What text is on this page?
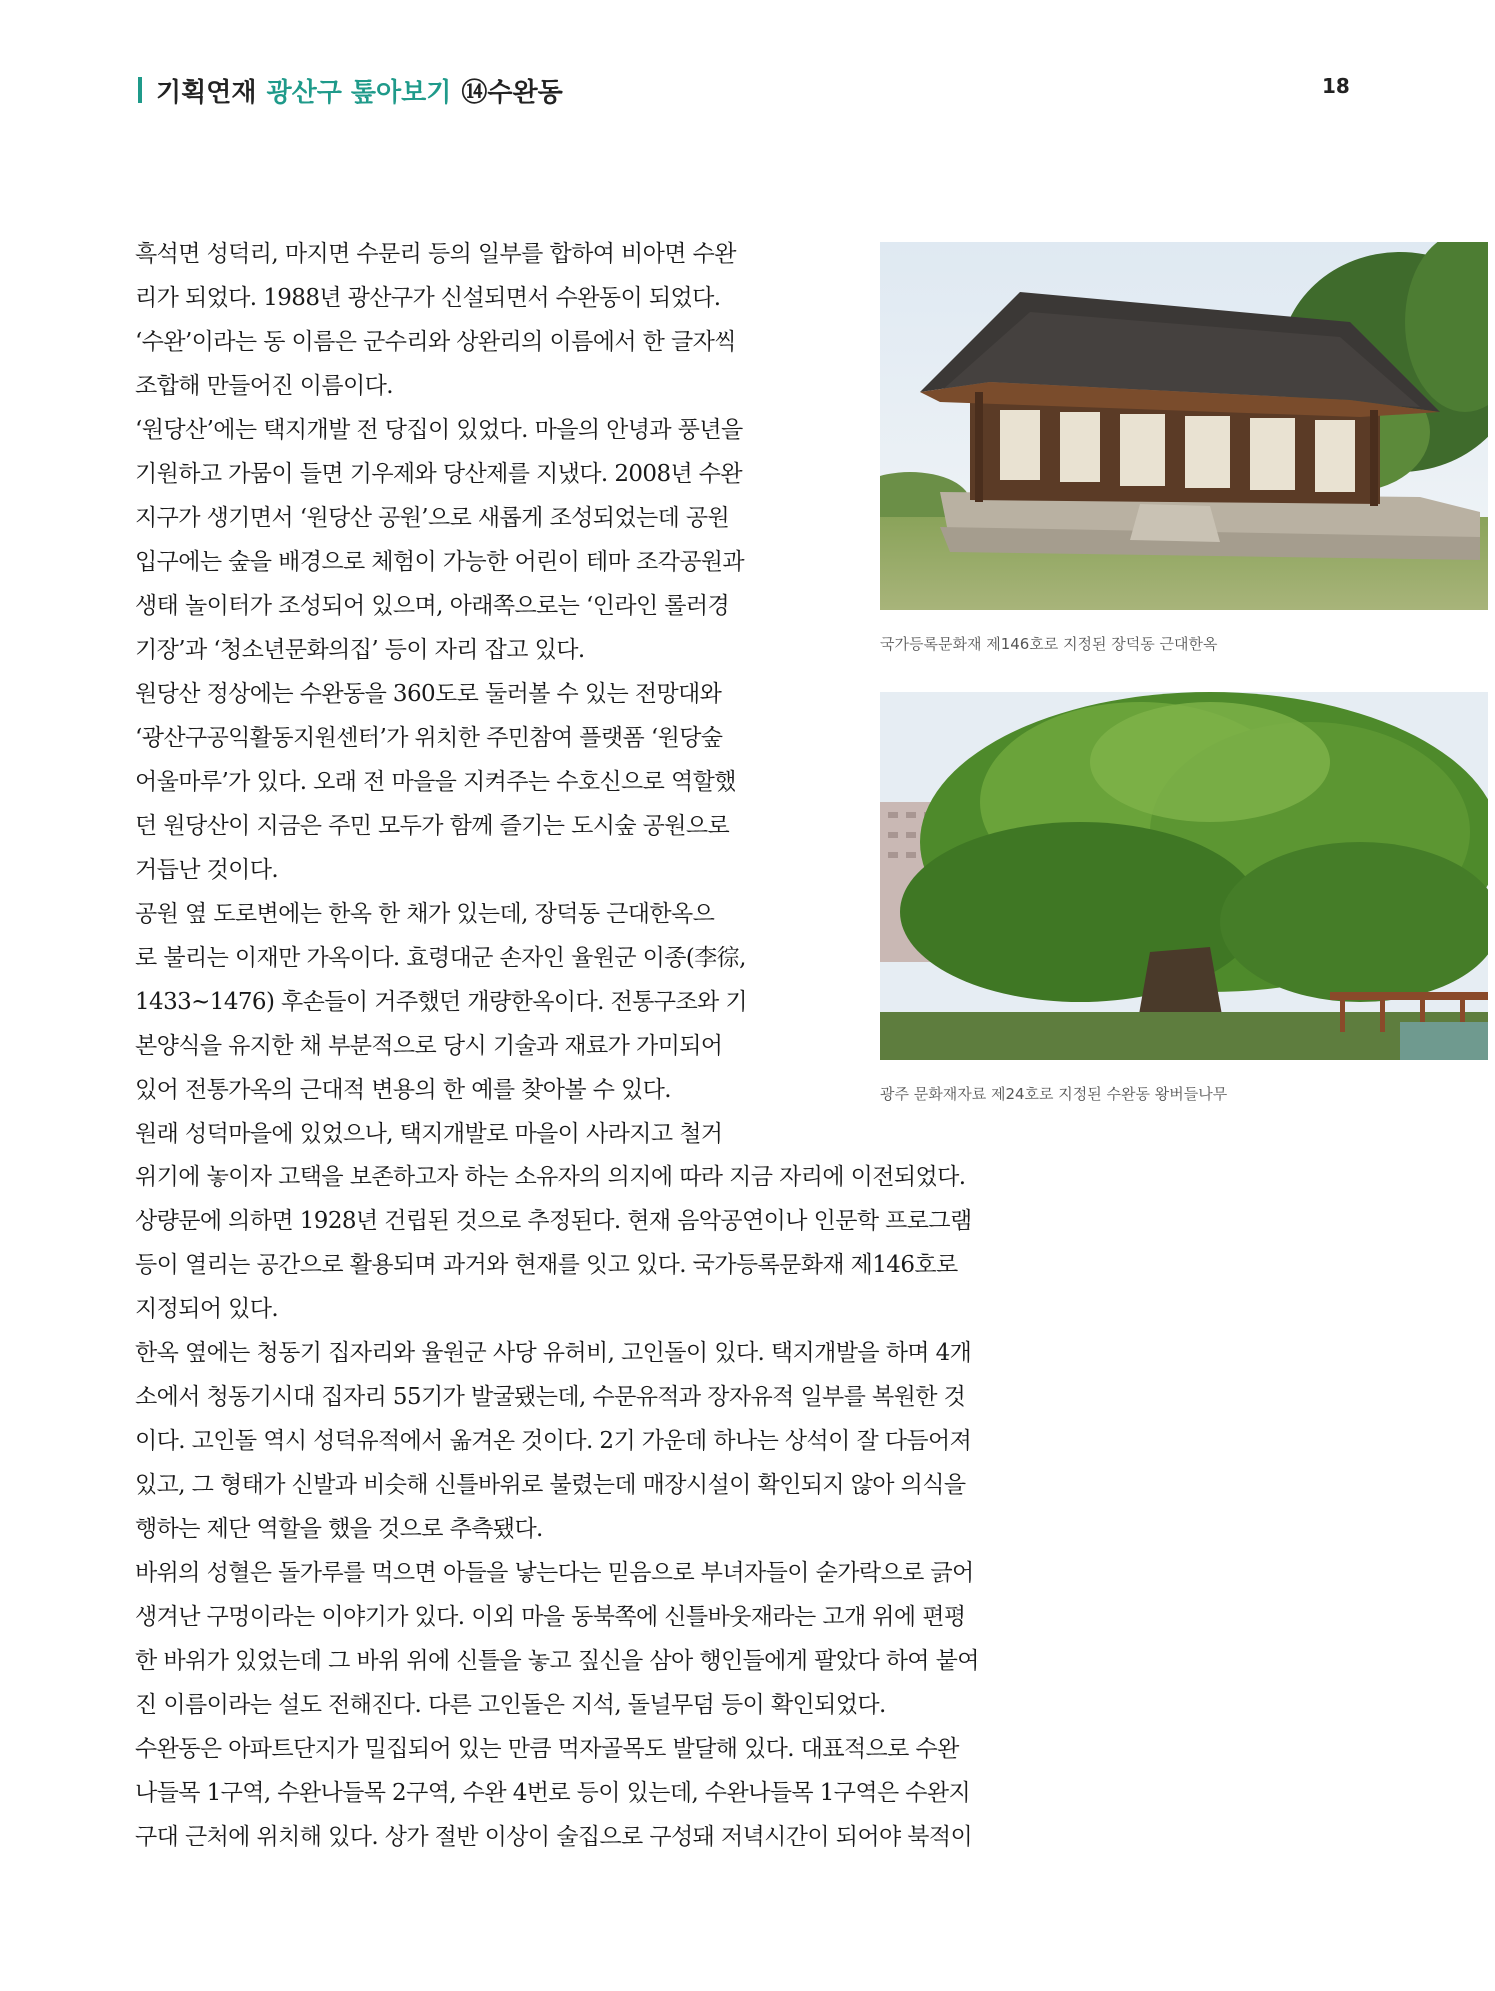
기획연재 광산구 톺아보기 ⑭수완동	18

흑석면 성덕리, 마지면 수문리 등의 일부를 합하여 비아면 수완

리가 되었다. 1988년 광산구가 신설되면서 수완동이 되었다.

‘수완’이라는 동 이름은 군수리와 상완리의 이름에서 한 글자씩

조합해 만들어진 이름이다.

‘원당산’에는 택지개발 전 당집이 있었다. 마을의 안녕과 풍년을

기원하고 가뭄이 들면 기우제와 당산제를 지냈다. 2008년 수완

지구가 생기면서 ‘원당산 공원’으로 새롭게 조성되었는데 공원

입구에는 숲을 배경으로 체험이 가능한 어린이 테마 조각공원과

생태 놀이터가 조성되어 있으며, 아래쪽으로는 ‘인라인 롤러경

기장’과 ‘청소년문화의집’ 등이 자리 잡고 있다.

원당산 정상에는 수완동을 360도로 둘러볼 수 있는 전망대와

‘광산구공익활동지원센터’가 위치한 주민참여 플랫폼 ‘원당숲

어울마루’가 있다. 오래 전 마을을 지켜주는 수호신으로 역할했

던 원당산이 지금은 주민 모두가 함께 즐기는 도시숲 공원으로

거듭난 것이다.

공원 옆 도로변에는 한옥 한 채가 있는데, 장덕동 근대한옥으

로 불리는 이재만 가옥이다. 효령대군 손자인 율원군 이종(李徖,

1433~1476) 후손들이 거주했던 개량한옥이다. 전통구조와 기

본양식을 유지한 채 부분적으로 당시 기술과 재료가 가미되어

있어 전통가옥의 근대적 변용의 한 예를 찾아볼 수 있다.

원래 성덕마을에 있었으나, 택지개발로 마을이 사라지고 철거

위기에 놓이자 고택을 보존하고자 하는 소유자의 의지에 따라 지금 자리에 이전되었다.

상량문에 의하면 1928년 건립된 것으로 추정된다. 현재 음악공연이나 인문학 프로그램

등이 열리는 공간으로 활용되며 과거와 현재를 잇고 있다. 국가등록문화재 제146호로

지정되어 있다.

한옥 옆에는 청동기 집자리와 율원군 사당 유허비, 고인돌이 있다. 택지개발을 하며 4개

소에서 청동기시대 집자리 55기가 발굴됐는데, 수문유적과 장자유적 일부를 복원한 것

이다. 고인돌 역시 성덕유적에서 옮겨온 것이다. 2기 가운데 하나는 상석이 잘 다듬어져

있고, 그 형태가 신발과 비슷해 신틀바위로 불렸는데 매장시설이 확인되지 않아 의식을

행하는 제단 역할을 했을 것으로 추측됐다.

바위의 성혈은 돌가루를 먹으면 아들을 낳는다는 믿음으로 부녀자들이 숟가락으로 긁어

생겨난 구멍이라는 이야기가 있다. 이외 마을 동북쪽에 신틀바웃재라는 고개 위에 편평

한 바위가 있었는데 그 바위 위에 신틀을 놓고 짚신을 삼아 행인들에게 팔았다 하여 붙여

진 이름이라는 설도 전해진다. 다른 고인돌은 지석, 돌널무덤 등이 확인되었다.

수완동은 아파트단지가 밀집되어 있는 만큼 먹자골목도 발달해 있다. 대표적으로 수완

나들목 1구역, 수완나들목 2구역, 수완 4번로 등이 있는데, 수완나들목 1구역은 수완지

구대 근처에 위치해 있다. 상가 절반 이상이 술집으로 구성돼 저녁시간이 되어야 북적이

국가등록문화재 제146호로 지정된 장덕동 근대한옥
광주 문화재자료 제24호로 지정된 수완동 왕버들나무
